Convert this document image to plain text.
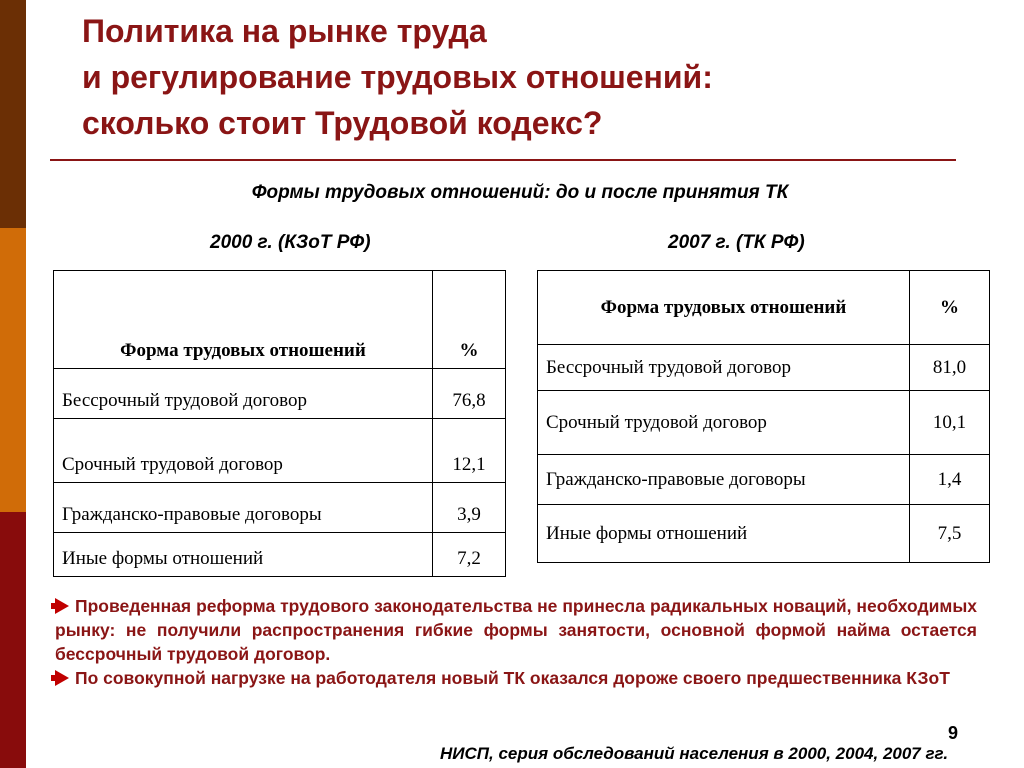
Политика на рынке труда
и регулирование трудовых отношений:
сколько стоит Трудовой кодекс?
Формы трудовых отношений: до и после принятия ТК
2000 г. (КЗоТ РФ)	2007 г. (ТК РФ)
Форма трудовых отношений	%
Бессрочный трудовой договор	76,8
Срочный трудовой договор	12,1
Гражданско-правовые договоры	3,9
Иные формы отношений	7,2
Форма трудовых отношений	%
Бессрочный трудовой договор	81,0
Срочный трудовой договор	10,1
Гражданско-правовые договоры	1,4
Иные формы отношений	7,5

Проведенная реформа трудового законодательства не принесла радикальных новаций, необходимых рынку: не получили распространения гибкие формы занятости, основной формой найма остается бессрочный трудовой договор.

По совокупной нагрузке на работодателя новый ТК оказался дороже своего предшественника КЗоТ

9
НИСП, серия обследований населения в 2000, 2004, 2007 гг.
